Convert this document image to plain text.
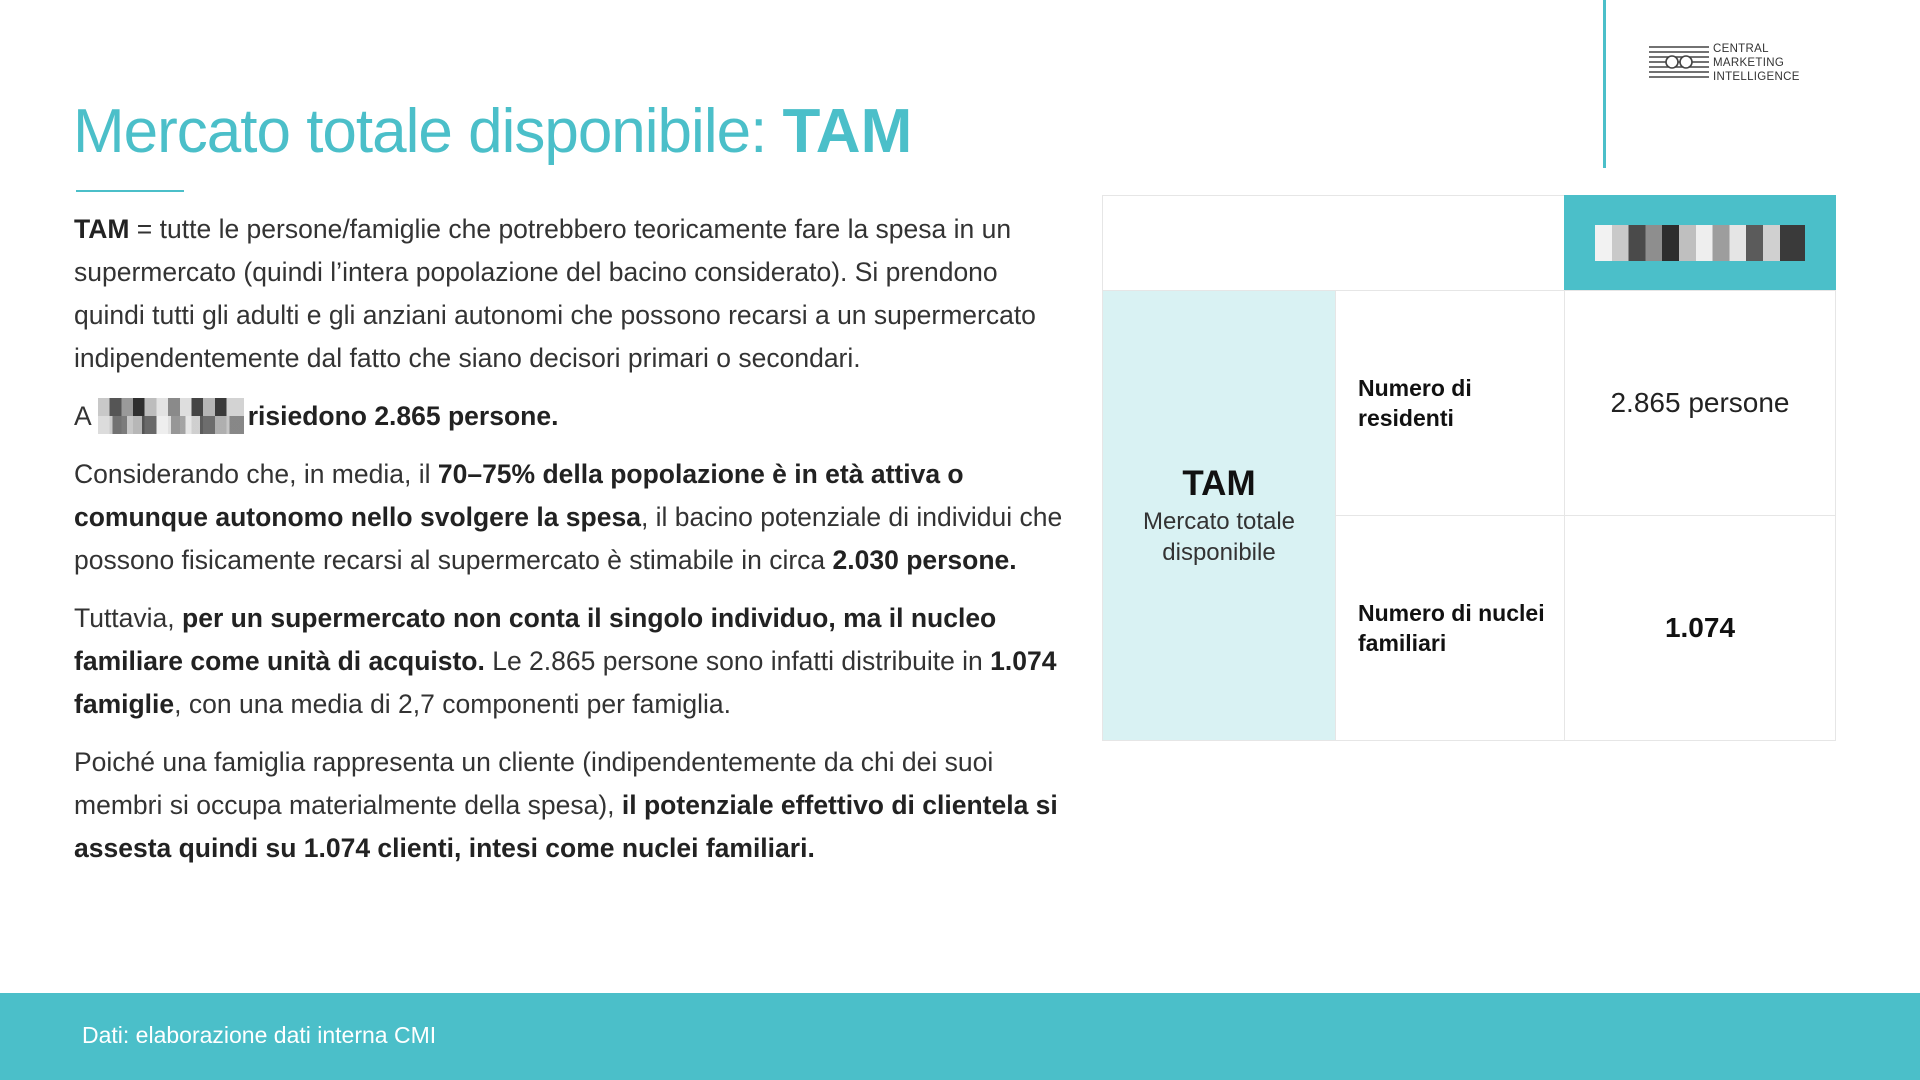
CENTRAL
MARKETING
INTELLIGENCE
Mercato totale disponibile: TAM

TAM = tutte le persone/famiglie che potrebbero teoricamente fare la spesa in un supermercato (quindi l’intera popolazione del bacino considerato). Si prendono quindi tutti gli adulti e gli anziani autonomi che possono recarsi a un supermercato indipendentemente dal fatto che siano decisori primari o secondari.

A	risiedono 2.865 persone.

Considerando che, in media, il 70–75% della popolazione è in età attiva o comunque autonomo nello svolgere la spesa, il bacino potenziale di individui che possono fisicamente recarsi al supermercato è stimabile in circa 2.030 persone.

Tuttavia, per un supermercato non conta il singolo individuo, ma il nucleo familiare come unità di acquisto. Le 2.865 persone sono infatti distribuite in 1.074 famiglie, con una media di 2,7 componenti per famiglia.

Poiché una famiglia rappresenta un cliente (indipendentemente da chi dei suoi membri si occupa materialmente della spesa), il potenziale effettivo di clientela si assesta quindi su 1.074 clienti, intesi come nuclei familiari.

TAM
Mercato totale disponibile
Numero di residenti	2.865 persone
Numero di nuclei familiari	1.074
Dati: elaborazione dati interna CMI
